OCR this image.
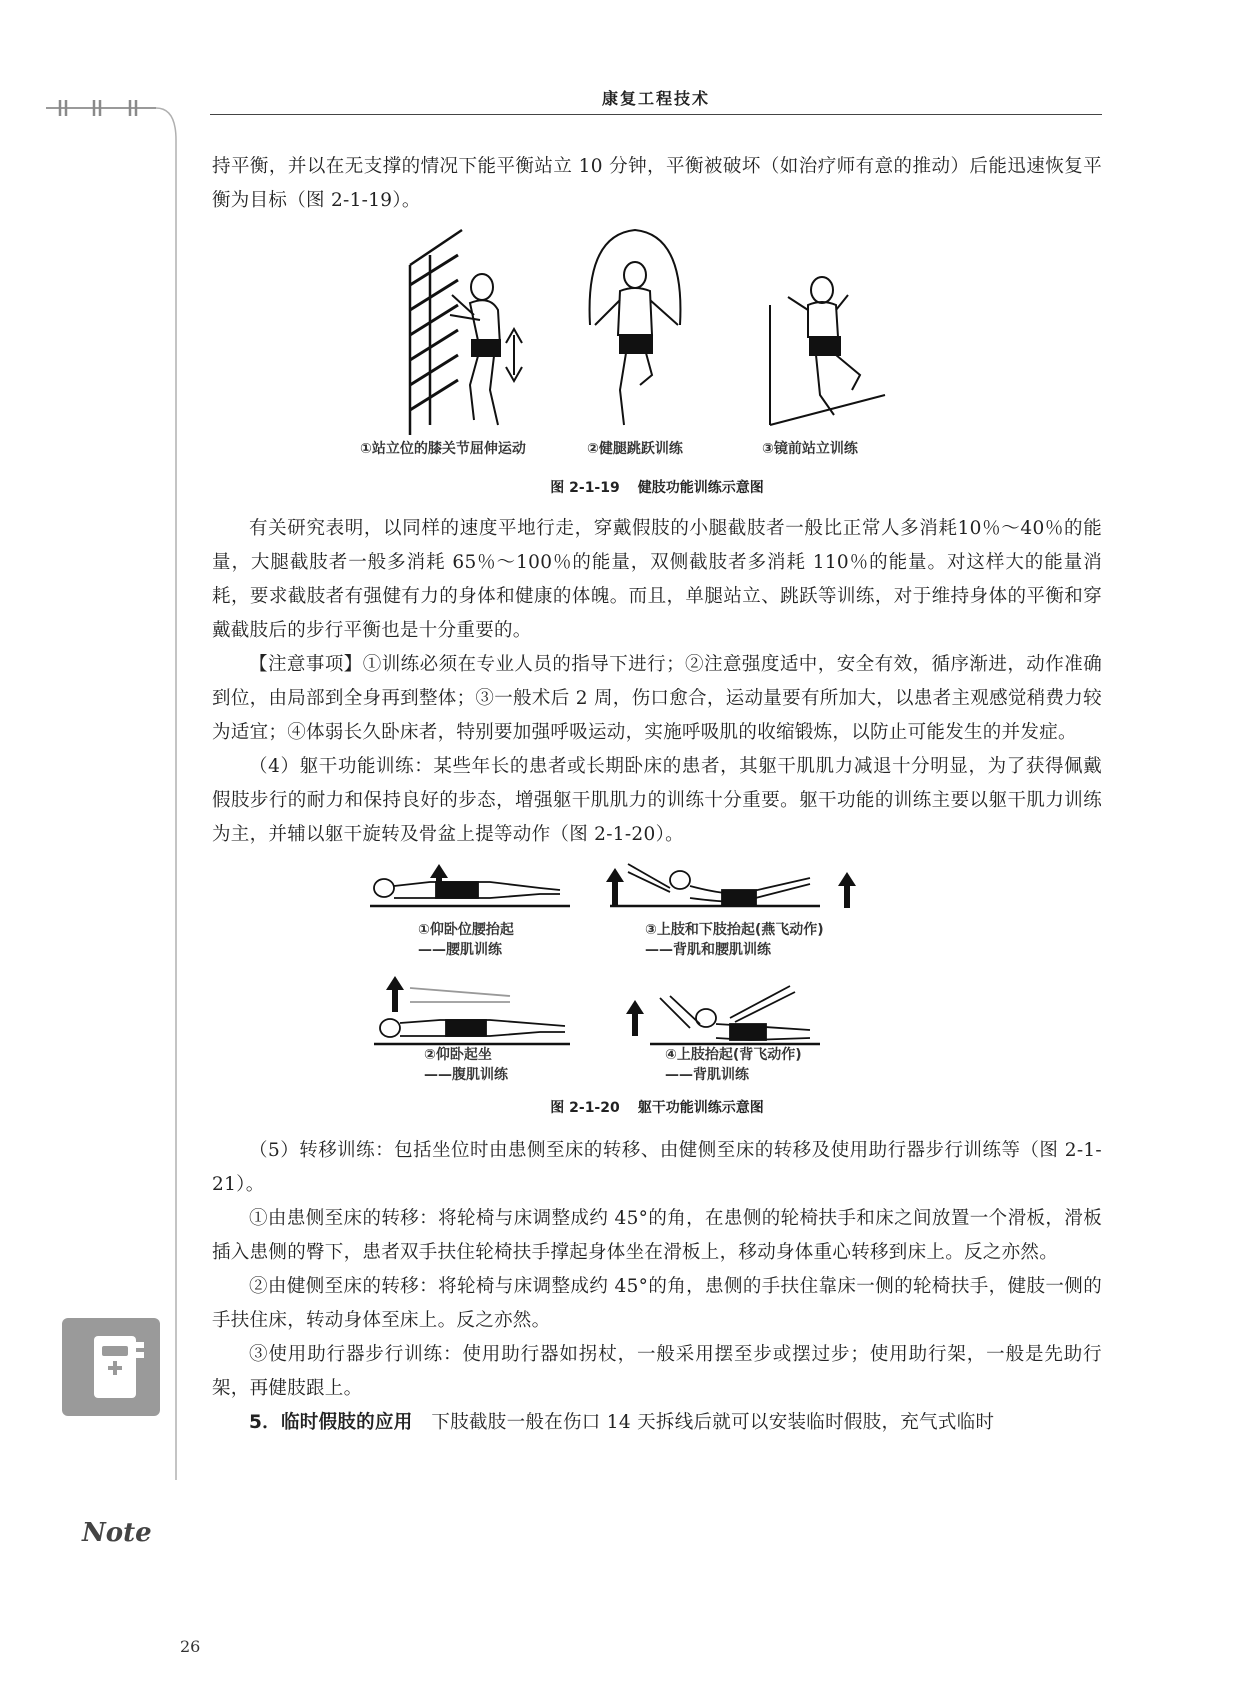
康复工程技术

持平衡，并以在无支撑的情况下能平衡站立 10 分钟，平衡被破坏（如治疗师有意的推动）后能迅速恢复平衡为目标（图 2-1-19）。

①站立位的膝关节屈伸运动	②健腿跳跃训练	③镜前站立训练
图 2-1-19 健肢功能训练示意图

有关研究表明，以同样的速度平地行走，穿戴假肢的小腿截肢者一般比正常人多消耗10％～40％的能量，大腿截肢者一般多消耗 65％～100％的能量，双侧截肢者多消耗 110％的能量。对这样大的能量消耗，要求截肢者有强健有力的身体和健康的体魄。而且，单腿站立、跳跃等训练，对于维持身体的平衡和穿戴截肢后的步行平衡也是十分重要的。

【注意事项】①训练必须在专业人员的指导下进行；②注意强度适中，安全有效，循序渐进，动作准确到位，由局部到全身再到整体；③一般术后 2 周，伤口愈合，运动量要有所加大，以患者主观感觉稍费力较为适宜；④体弱长久卧床者，特别要加强呼吸运动，实施呼吸肌的收缩锻炼，以防止可能发生的并发症。

（4）躯干功能训练：某些年长的患者或长期卧床的患者，其躯干肌肌力减退十分明显，为了获得佩戴假肢步行的耐力和保持良好的步态，增强躯干肌肌力的训练十分重要。躯干功能的训练主要以躯干肌力训练为主，并辅以躯干旋转及骨盆上提等动作（图 2-1-20）。

①仰卧位腰抬起
——腰肌训练
③上肢和下肢抬起(燕飞动作)
——背肌和腰肌训练
②仰卧起坐
——腹肌训练
④上肢抬起(背飞动作)
——背肌训练
图 2-1-20 躯干功能训练示意图

（5）转移训练：包括坐位时由患侧至床的转移、由健侧至床的转移及使用助行器步行训练等（图 2-1-21）。

①由患侧至床的转移：将轮椅与床调整成约 45°的角，在患侧的轮椅扶手和床之间放置一个滑板，滑板插入患侧的臀下，患者双手扶住轮椅扶手撑起身体坐在滑板上，移动身体重心转移到床上。反之亦然。

②由健侧至床的转移：将轮椅与床调整成约 45°的角，患侧的手扶住靠床一侧的轮椅扶手，健肢一侧的手扶住床，转动身体至床上。反之亦然。

③使用助行器步行训练：使用助行器如拐杖，一般采用摆至步或摆过步；使用助行架，一般是先助行架，再健肢跟上。

5．临时假肢的应用　 下肢截肢一般在伤口 14 天拆线后就可以安装临时假肢，充气式临时

Note
26
